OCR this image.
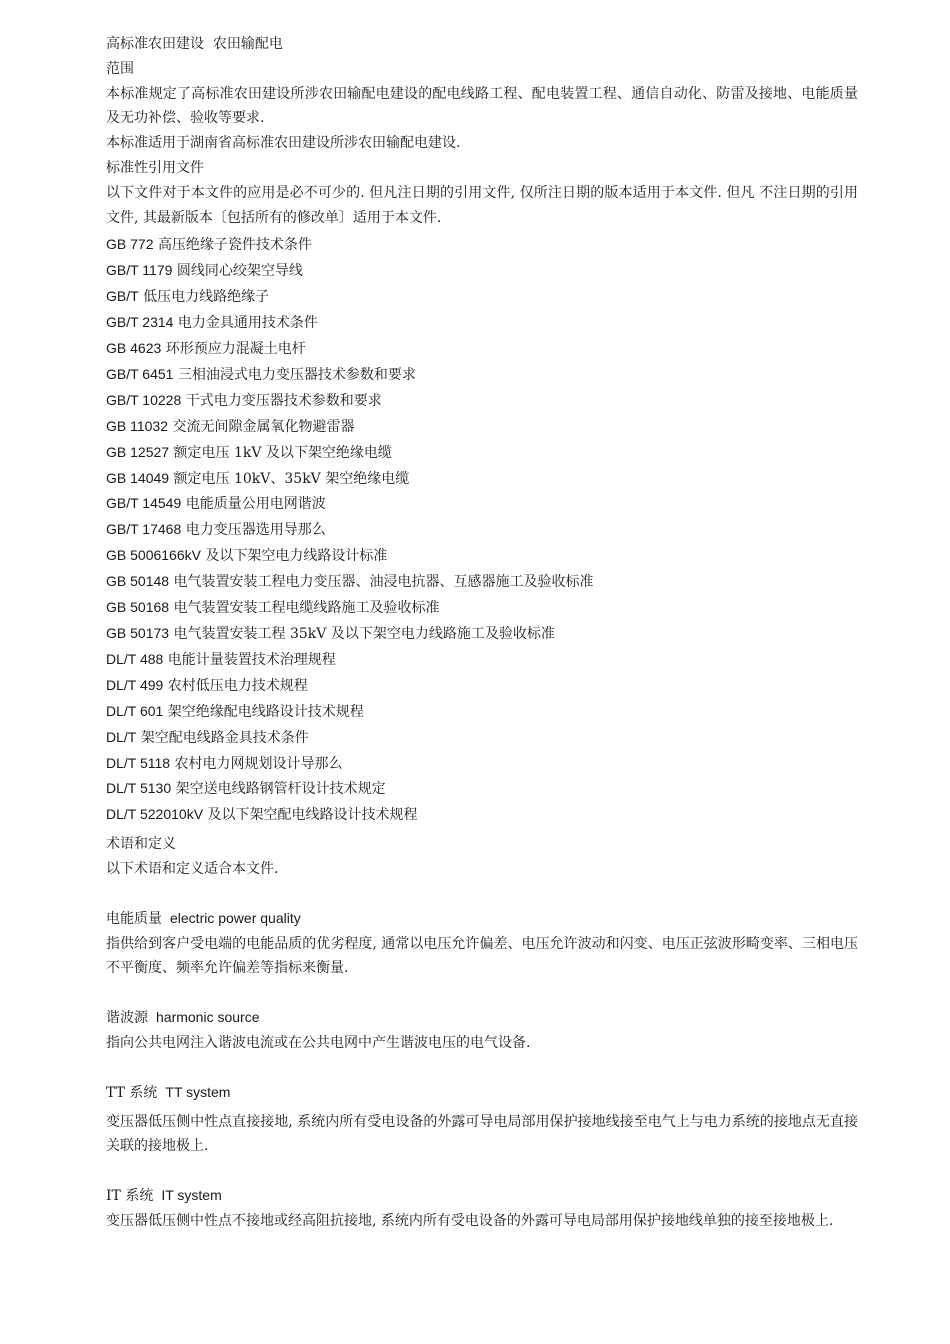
高标准农田建设 农田输配电

范围

本标准规定了高标准农田建设所涉农田输配电建设的配电线路工程、配电装置工程、通信自动化、防雷及接地、电能质量及无功补偿、验收等要求.

本标准适用于湖南省高标准农田建设所涉农田输配电建设.

标准性引用文件

以下文件对于本文件的应用是必不可少的. 但凡注日期的引用文件, 仅所注日期的版本适用于本文件. 但凡 不注日期的引用文件, 其最新版本〔包括所有的修改单〕适用于本文件.

GB 772 高压绝缘子瓷件技术条件
GB/T 1179 圆线同心绞架空导线
GB/T 低压电力线路绝缘子
GB/T 2314 电力金具通用技术条件
GB 4623 环形预应力混凝土电杆
GB/T 6451 三相油浸式电力变压器技术参数和要求
GB/T 10228 干式电力变压器技术参数和要求
GB 11032 交流无间隙金属氧化物避雷器
GB 12527 额定电压 1kV 及以下架空绝缘电缆
GB 14049 额定电压 10kV、35kV 架空绝缘电缆
GB/T 14549 电能质量公用电网谐波
GB/T 17468 电力变压器选用导那么
GB 5006166kV 及以下架空电力线路设计标准
GB 50148 电气装置安装工程电力变压器、油浸电抗器、互感器施工及验收标准
GB 50168 电气装置安装工程电缆线路施工及验收标准
GB 50173 电气装置安装工程 35kV 及以下架空电力线路施工及验收标准
DL/T 488 电能计量装置技术治理规程
DL/T 499 农村低压电力技术规程
DL/T 601 架空绝缘配电线路设计技术规程
DL/T 架空配电线路金具技术条件
DL/T 5118 农村电力网规划设计导那么
DL/T 5130 架空送电线路钢管杆设计技术规定
DL/T 522010kV 及以下架空配电线路设计技术规程

术语和定义

以下术语和定义适合本文件.

电能质量 electric power quality

指供给到客户受电端的电能品质的优劣程度, 通常以电压允许偏差、电压允许波动和闪变、电压正弦波形畸变率、三相电压不平衡度、频率允许偏差等指标来衡量.

谐波源 harmonic source

指向公共电网注入谐波电流或在公共电网中产生谐波电压的电气设备.

TT 系统 TT system

变压器低压侧中性点直接接地, 系统内所有受电设备的外露可导电局部用保护接地线接至电气上与电力系统的接地点无直接关联的接地极上.

IT 系统 IT system

变压器低压侧中性点不接地或经高阻抗接地, 系统内所有受电设备的外露可导电局部用保护接地线单独的接至接地极上.
